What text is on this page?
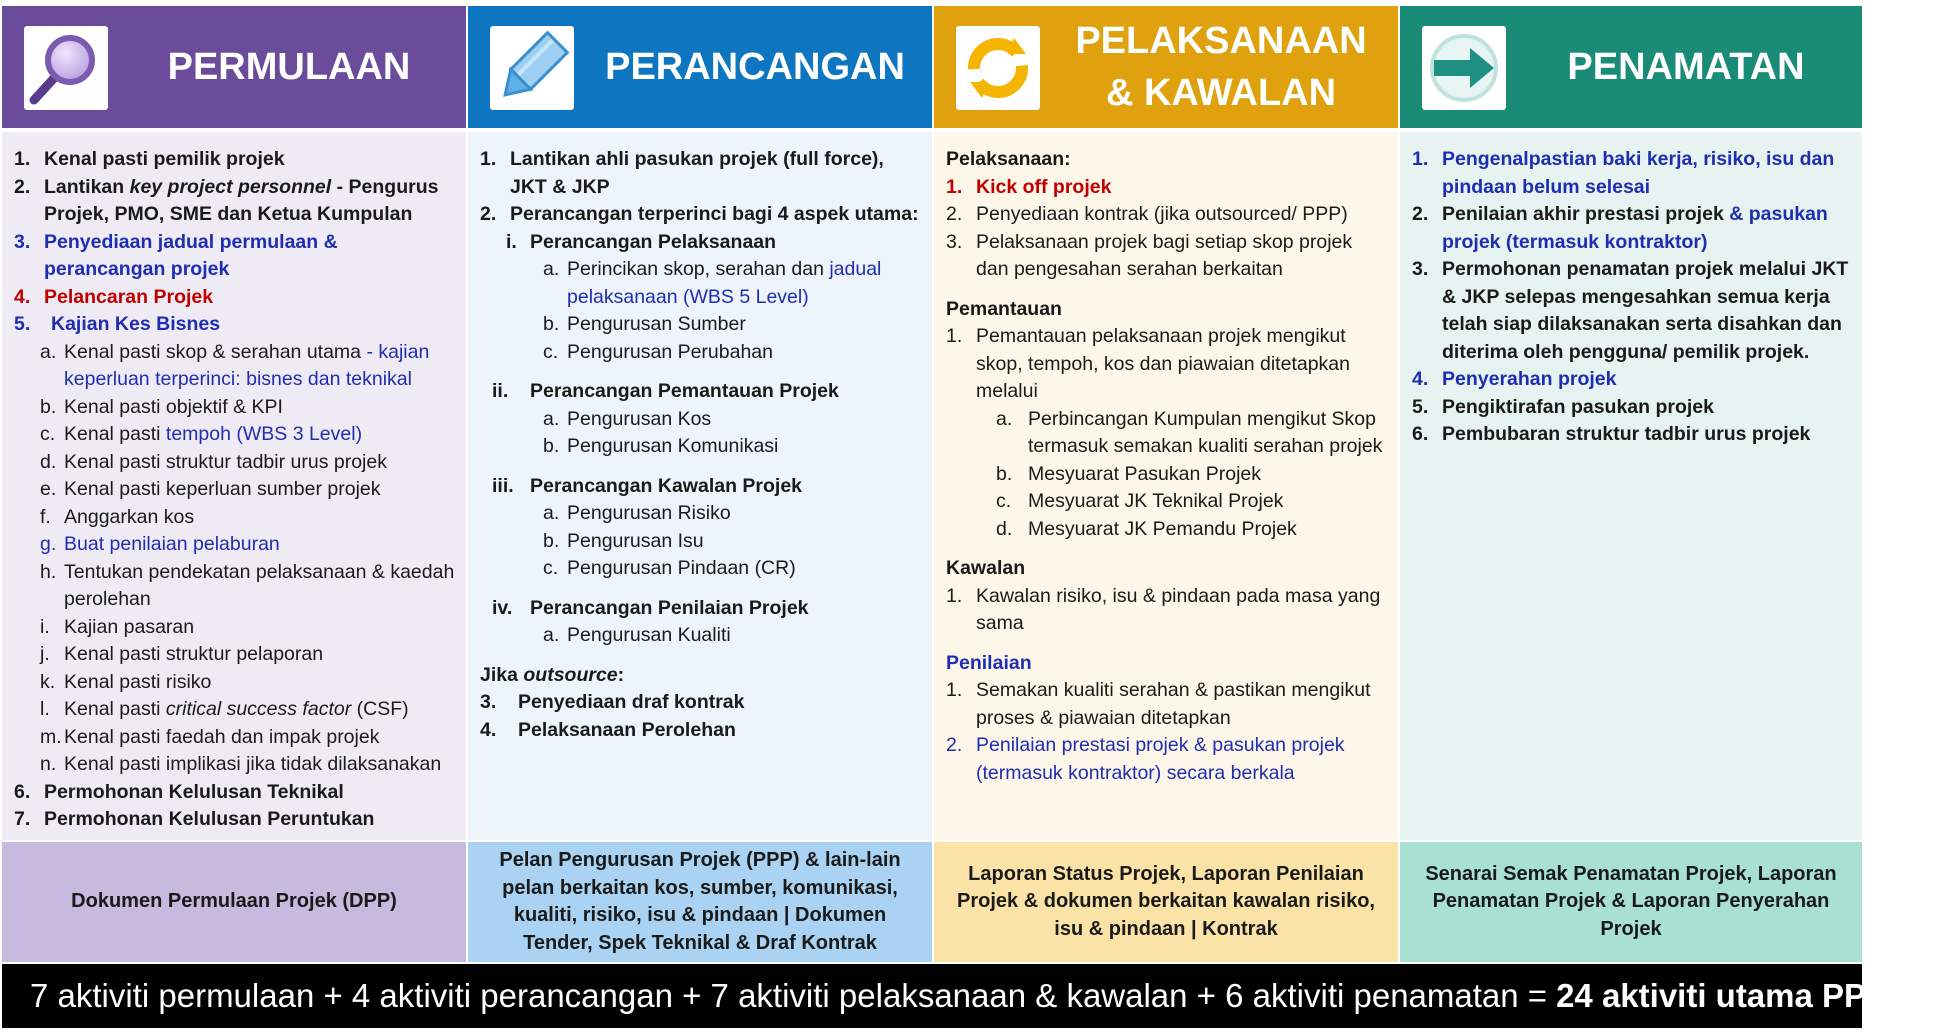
PERMULAAN
1. Kenal pasti pemilik projek
2. Lantikan key project personnel - Pengurus Projek, PMO, SME dan Ketua Kumpulan
3. Penyediaan jadual permulaan & perancangan projek
4. Pelancaran Projek
5. Kajian Kes Bisnes
a. Kenal pasti skop & serahan utama - kajian keperluan terperinci: bisnes dan teknikal
b. Kenal pasti objektif & KPI
c. Kenal pasti tempoh (WBS 3 Level)
d. Kenal pasti struktur tadbir urus projek
e. Kenal pasti keperluan sumber projek
f. Anggarkan kos
g. Buat penilaian pelaburan
h. Tentukan pendekatan pelaksanaan & kaedah perolehan
i. Kajian pasaran
j. Kenal pasti struktur pelaporan
k. Kenal pasti risiko
l. Kenal pasti critical success factor (CSF)
m. Kenal pasti faedah dan impak projek
n. Kenal pasti implikasi jika tidak dilaksanakan
6. Permohonan Kelulusan Teknikal
7. Permohonan Kelulusan Peruntukan
Dokumen Permulaan Projek (DPP)
PERANCANGAN
1. Lantikan ahli pasukan projek (full force), JKT & JKP
2. Perancangan terperinci bagi 4 aspek utama:
i. Perancangan Pelaksanaan
a. Perincikan skop, serahan dan jadual pelaksanaan (WBS 5 Level)
b. Pengurusan Sumber
c. Pengurusan Perubahan
ii. Perancangan Pemantauan Projek
a. Pengurusan Kos
b. Pengurusan Komunikasi
iii. Perancangan Kawalan Projek
a. Pengurusan Risiko
b. Pengurusan Isu
c. Pengurusan Pindaan (CR)
iv. Perancangan Penilaian Projek
a. Pengurusan Kualiti
Jika outsource:
3. Penyediaan draf kontrak
4. Pelaksanaan Perolehan
Pelan Pengurusan Projek (PPP) & lain-lain pelan berkaitan kos, sumber, komunikasi, kualiti, risiko, isu & pindaan | Dokumen Tender, Spek Teknikal & Draf Kontrak
PELAKSANAAN
& KAWALAN
Pelaksanaan:
1. Kick off projek
2. Penyediaan kontrak (jika outsourced/ PPP)
3. Pelaksanaan projek bagi setiap skop projek dan pengesahan serahan berkaitan
Pemantauan
1. Pemantauan pelaksanaan projek mengikut skop, tempoh, kos dan piawaian ditetapkan melalui
a. Perbincangan Kumpulan mengikut Skop termasuk semakan kualiti serahan projek
b. Mesyuarat Pasukan Projek
c. Mesyuarat JK Teknikal Projek
d. Mesyuarat JK Pemandu Projek
Kawalan
1. Kawalan risiko, isu & pindaan pada masa yang sama
Penilaian
1. Semakan kualiti serahan & pastikan mengikut proses & piawaian ditetapkan
2. Penilaian prestasi projek & pasukan projek (termasuk kontraktor) secara berkala
Laporan Status Projek, Laporan Penilaian Projek & dokumen berkaitan kawalan risiko, isu & pindaan | Kontrak
PENAMATAN
1. Pengenalpastian baki kerja, risiko, isu dan pindaan belum selesai
2. Penilaian akhir prestasi projek & pasukan projek (termasuk kontraktor)
3. Permohonan penamatan projek melalui JKT & JKP selepas mengesahkan semua kerja telah siap dilaksanakan serta disahkan dan diterima oleh pengguna/ pemilik projek.
4. Penyerahan projek
5. Pengiktirafan pasukan projek
6. Pembubaran struktur tadbir urus projek
Senarai Semak Penamatan Projek, Laporan Penamatan Projek & Laporan Penyerahan Projek
7 aktiviti permulaan + 4 aktiviti perancangan + 7 aktiviti pelaksanaan & kawalan + 6 aktiviti penamatan = 24 aktiviti utama PPrISA
